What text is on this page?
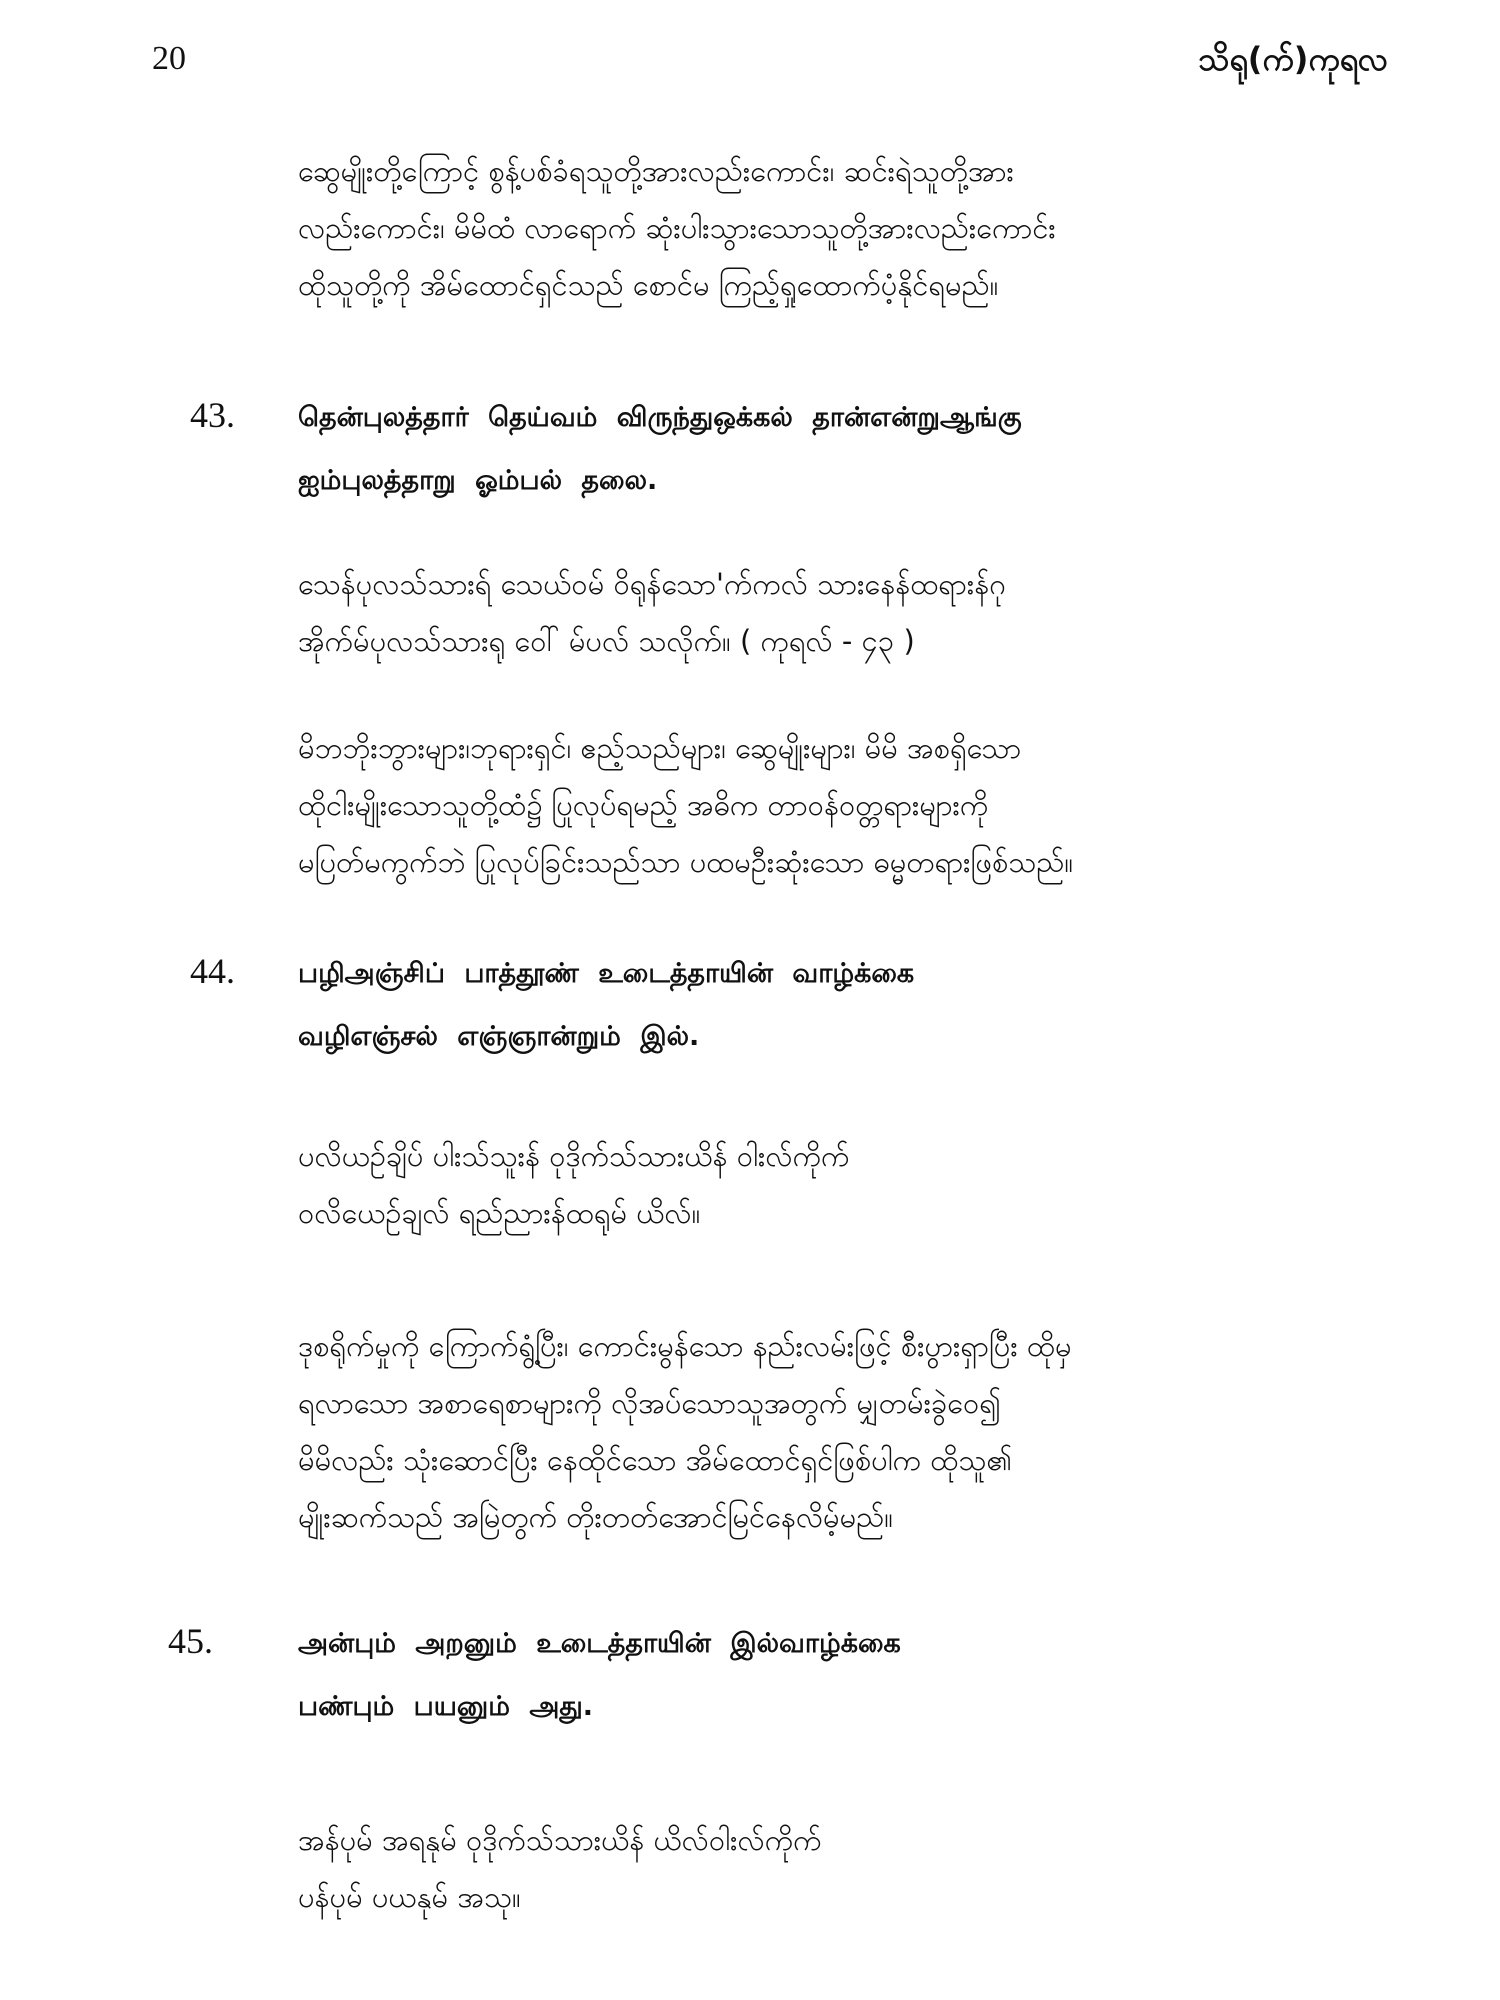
20	သိရု(က်)ကုရလ
ဆွေမျိုးတို့ကြောင့် စွန့်ပစ်ခံရသူတို့အားလည်းကောင်း၊ ဆင်းရဲသူတို့အား
လည်းကောင်း၊ မိမိထံ လာရောက် ဆုံးပါးသွားသောသူတို့အားလည်းကောင်း
ထိုသူတို့ကို အိမ်ထောင်ရှင်သည် စောင်မ ကြည့်ရှုထောက်ပံ့နိုင်ရမည်။
43. தென்புலத்தார் தெய்வம் விருந்துஒக்கல் தான்என்றுஆங்கு
ஐம்புலத்தாறு ஓம்பல் தலை.
သေန်ပုလသ်သားရ် သေယ်ဝမ် ဝိရုန်သော'က်ကလ် သားနေန်ထရားန်ဂု
အိုက်မ်ပုလသ်သားရု ဝေါ် မ်ပလ် သလိုက်။ ( ကုရလ် - ၄၃ )
မိဘဘိုးဘွားများ၊ဘုရားရှင်၊ ဧည့်သည်များ၊ ဆွေမျိုးများ၊ မိမိ အစရှိသော
ထိုငါးမျိုးသောသူတို့ထံ၌ ပြုလုပ်ရမည့် အဓိက တာဝန်ဝတ္တရားများကို
မပြတ်မကွက်ဘဲ ပြုလုပ်ခြင်းသည်သာ ပထမဦးဆုံးသော ဓမ္မတရားဖြစ်သည်။
44. பழிஅஞ்சிப் பாத்தூண் உடைத்தாயின் வாழ்க்கை
வழிஎஞ்சல் எஞ்ஞான்றும் இல்.
ပလိယဉ်ချိပ် ပါးသ်သူးန် ဝုဒိုက်သ်သားယိန် ဝါးလ်ကိုက်
ဝလိယေဉ်ချလ် ရည်ညားန်ထရုမ် ယိလ်။
ဒုစရိုက်မှုကို ကြောက်ရွံ့ပြီး၊ ကောင်းမွန်သော နည်းလမ်းဖြင့် စီးပွားရှာပြီး ထိုမှ
ရလာသော အစာရေစာများကို လိုအပ်သောသူအတွက် မျှတမ်းခွဲဝေ၍
မိမိလည်း သုံးဆောင်ပြီး နေထိုင်သော အိမ်ထောင်ရှင်ဖြစ်ပါက ထိုသူ၏
မျိုးဆက်သည် အမြဲတွက် တိုးတတ်အောင်မြင်နေလိမ့်မည်။
45.	அன்பும் அறனும் உடைத்தாயின் இல்வாழ்க்கை
பண்பும் பயனும் அது.
အန်ပုမ် အရနုမ် ဝုဒိုက်သ်သားယိန် ယိလ်ဝါးလ်ကိုက်
ပန်ပုမ် ပယနုမ် အသု။
